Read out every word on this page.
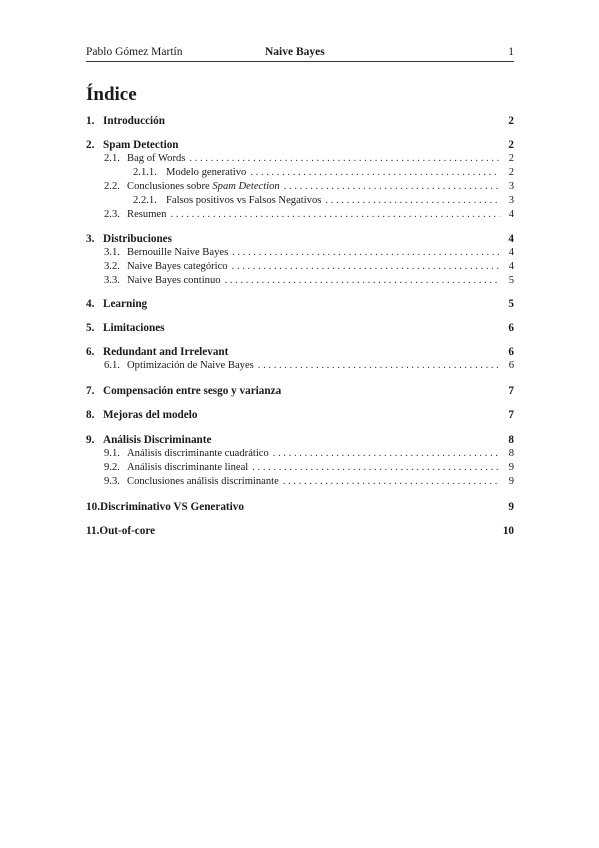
Pablo Gómez Martín	Naive Bayes	1
Índice
1. Introducción	2
2. Spam Detection	2
2.1. Bag of Words . . .	2
2.1.1. Modelo generativo . . .	2
2.2. Conclusiones sobre Spam Detection . . .	3
2.2.1. Falsos positivos vs Falsos Negativos . . .	3
2.3. Resumen . . .	4
3. Distribuciones	4
3.1. Bernouille Naive Bayes . . .	4
3.2. Naive Bayes categórico . . .	4
3.3. Naive Bayes continuo . . .	5
4. Learning	5
5. Limitaciones	6
6. Redundant and Irrelevant	6
6.1. Optimización de Naive Bayes . . .	6
7. Compensación entre sesgo y varianza	7
8. Mejoras del modelo	7
9. Análisis Discriminante	8
9.1. Análisis discriminante cuadrático . . .	8
9.2. Análisis discriminante lineal . . .	9
9.3. Conclusiones análisis discriminante . . .	9
10. Discriminativo VS Generativo	9
11. Out-of-core	10
